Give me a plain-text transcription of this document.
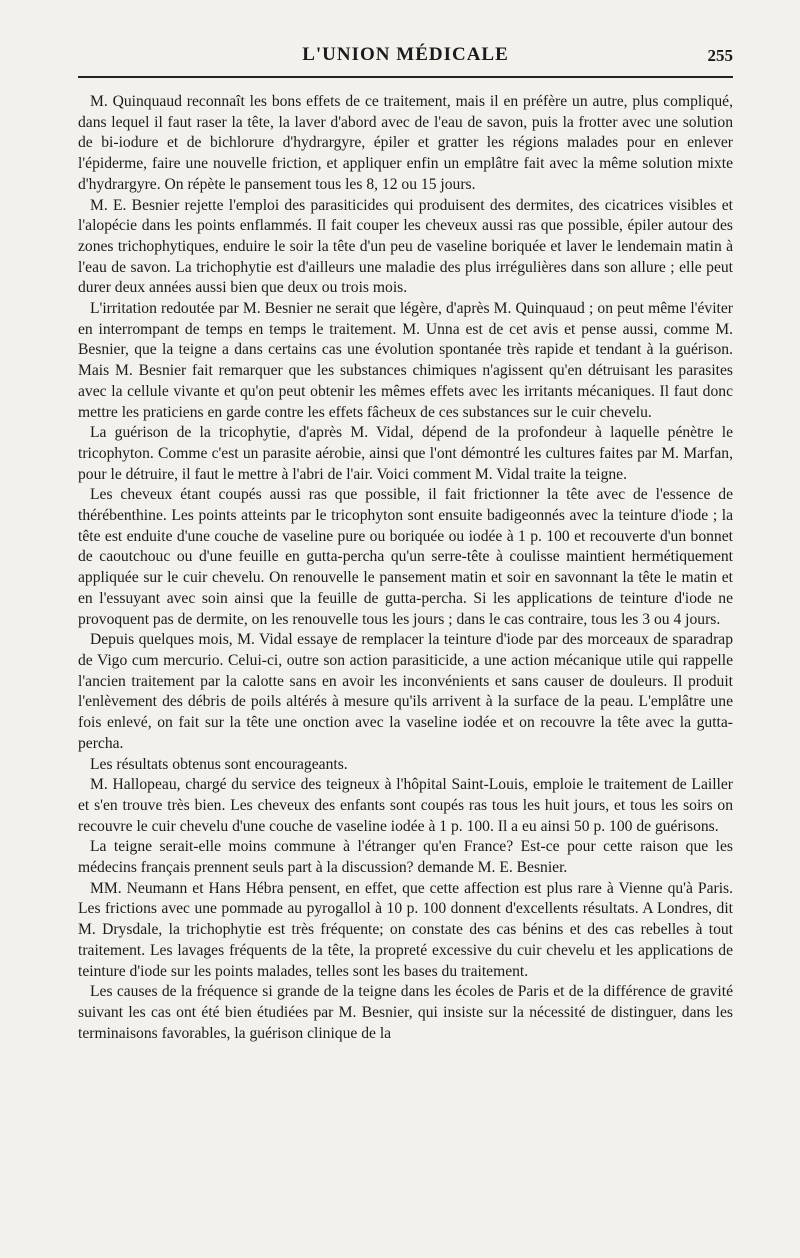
L'UNION MÉDICALE	255

M. Quinquaud reconnaît les bons effets de ce traitement, mais il en préfère un autre, plus compliqué, dans lequel il faut raser la tête, la laver d'abord avec de l'eau de savon, puis la frotter avec une solution de bi-iodure et de bichlorure d'hydrargyre, épiler et gratter les régions malades pour en enlever l'épiderme, faire une nouvelle friction, et appliquer enfin un emplâtre fait avec la même solution mixte d'hydrargyre. On répète le pansement tous les 8, 12 ou 15 jours.

M. E. Besnier rejette l'emploi des parasiticides qui produisent des dermites, des cicatrices visibles et l'alopécie dans les points enflammés. Il fait couper les cheveux aussi ras que possible, épiler autour des zones trichophytiques, enduire le soir la tête d'un peu de vaseline boriquée et laver le lendemain matin à l'eau de savon. La trichophytie est d'ailleurs une maladie des plus irrégulières dans son allure ; elle peut durer deux années aussi bien que deux ou trois mois.

L'irritation redoutée par M. Besnier ne serait que légère, d'après M. Quinquaud ; on peut même l'éviter en interrompant de temps en temps le traitement. M. Unna est de cet avis et pense aussi, comme M. Besnier, que la teigne a dans certains cas une évolution spontanée très rapide et tendant à la guérison. Mais M. Besnier fait remarquer que les substances chimiques n'agissent qu'en détruisant les parasites avec la cellule vivante et qu'on peut obtenir les mêmes effets avec les irritants mécaniques. Il faut donc mettre les praticiens en garde contre les effets fâcheux de ces substances sur le cuir chevelu.

La guérison de la tricophytie, d'après M. Vidal, dépend de la profondeur à laquelle pénètre le tricophyton. Comme c'est un parasite aérobie, ainsi que l'ont démontré les cultures faites par M. Marfan, pour le détruire, il faut le mettre à l'abri de l'air. Voici comment M. Vidal traite la teigne.

Les cheveux étant coupés aussi ras que possible, il fait frictionner la tête avec de l'essence de thérébenthine. Les points atteints par le tricophyton sont ensuite badigeonnés avec la teinture d'iode ; la tête est enduite d'une couche de vaseline pure ou boriquée ou iodée à 1 p. 100 et recouverte d'un bonnet de caoutchouc ou d'une feuille en gutta-percha qu'un serre-tête à coulisse maintient hermétiquement appliquée sur le cuir chevelu. On renouvelle le pansement matin et soir en savonnant la tête le matin et en l'essuyant avec soin ainsi que la feuille de gutta-percha. Si les applications de teinture d'iode ne provoquent pas de dermite, on les renouvelle tous les jours ; dans le cas contraire, tous les 3 ou 4 jours.

Depuis quelques mois, M. Vidal essaye de remplacer la teinture d'iode par des morceaux de sparadrap de Vigo cum mercurio. Celui-ci, outre son action parasiticide, a une action mécanique utile qui rappelle l'ancien traitement par la calotte sans en avoir les inconvénients et sans causer de douleurs. Il produit l'enlèvement des débris de poils altérés à mesure qu'ils arrivent à la surface de la peau. L'emplâtre une fois enlevé, on fait sur la tête une onction avec la vaseline iodée et on recouvre la tête avec la gutta-percha.

Les résultats obtenus sont encourageants.

M. Hallopeau, chargé du service des teigneux à l'hôpital Saint-Louis, emploie le traitement de Lailler et s'en trouve très bien. Les cheveux des enfants sont coupés ras tous les huit jours, et tous les soirs on recouvre le cuir chevelu d'une couche de vaseline iodée à 1 p. 100. Il a eu ainsi 50 p. 100 de guérisons.

La teigne serait-elle moins commune à l'étranger qu'en France? Est-ce pour cette raison que les médecins français prennent seuls part à la discussion? demande M. E. Besnier.

MM. Neumann et Hans Hébra pensent, en effet, que cette affection est plus rare à Vienne qu'à Paris. Les frictions avec une pommade au pyrogallol à 10 p. 100 donnent d'excellents résultats. A Londres, dit M. Drysdale, la trichophytie est très fréquente; on constate des cas bénins et des cas rebelles à tout traitement. Les lavages fréquents de la tête, la propreté excessive du cuir chevelu et les applications de teinture d'iode sur les points malades, telles sont les bases du traitement.

Les causes de la fréquence si grande de la teigne dans les écoles de Paris et de la différence de gravité suivant les cas ont été bien étudiées par M. Besnier, qui insiste sur la nécessité de distinguer, dans les terminaisons favorables, la guérison clinique de la
